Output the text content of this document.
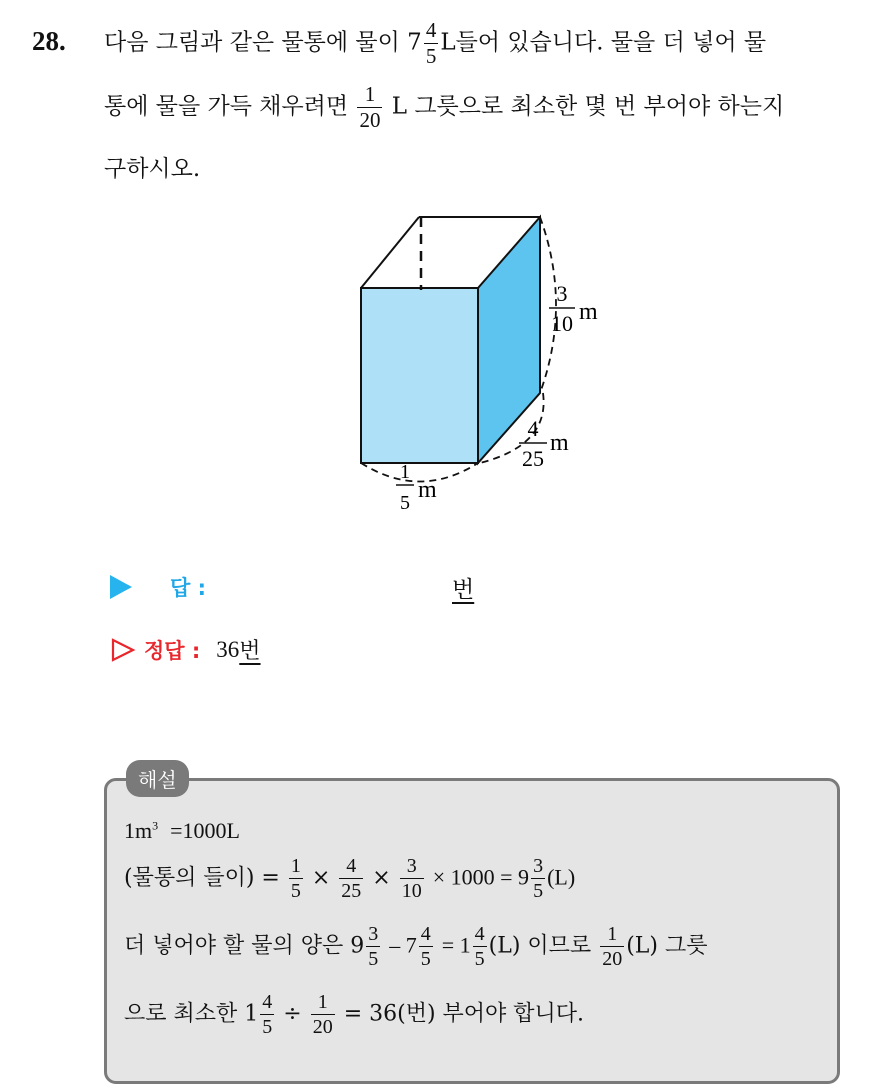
28. 다음 그림과 같은 물통에 물이 $7 \frac{4}{5}$ L들어 있습니다. 물을 더 넣어 물
통에 물을 가득 채우려면 $\frac{1}{20}$ L 그릇으로 최소한 몇 번 부어야 하는지
구하시오.
3
10 m
4
25
m
1
5 m
답 :	번
정답 : 36 번
해설
$1m^3 =1000L$
(물통의 들이) = $\frac{1}{5} \times \frac{4}{25} \times \frac{3}{10} \times 1000 = 9 \frac{3}{5} (L)$
더 넣어야 할 물의 양은 $9 \frac{3}{5} - 7 \frac{4}{5} = 1 \frac{4}{5} (L)$ 이므로 $\frac{1}{20} (L)$ 그릇
으로 최소한 $1 \frac{4}{5} \div \frac{1}{20} = 36$(번) 부어야 합니다.
